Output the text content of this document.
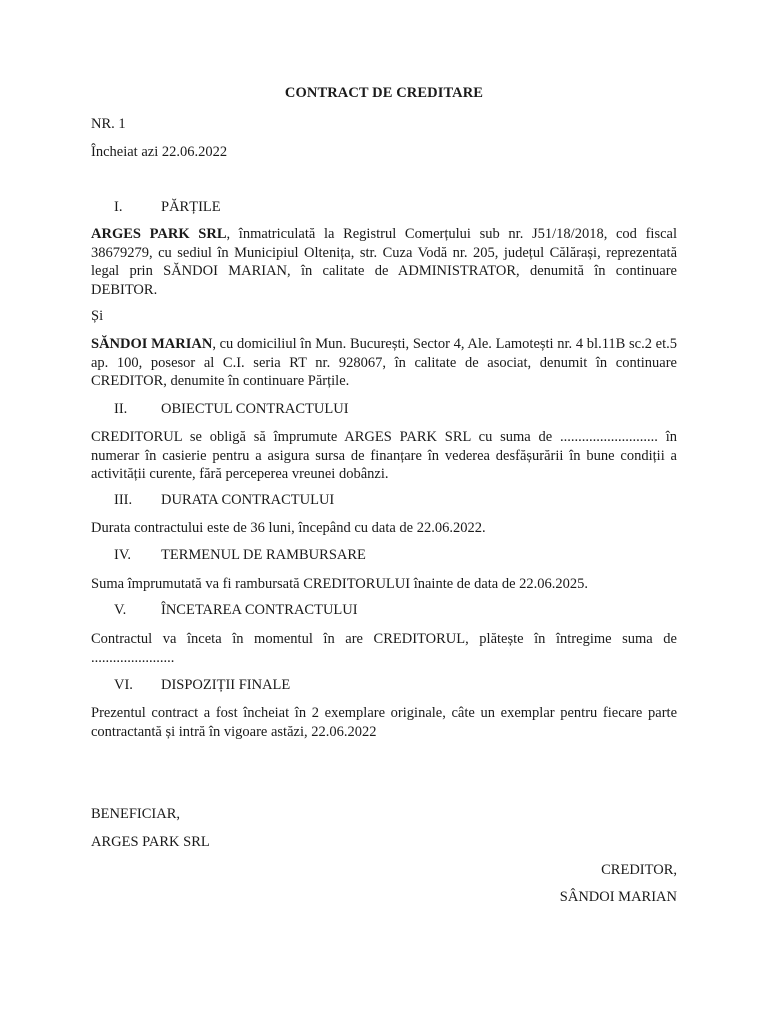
CONTRACT DE CREDITARE
NR. 1
Încheiat azi 22.06.2022
I.	PĂRȚILE
ARGES PARK SRL, înmatriculată la Registrul Comerțului sub nr. J51/18/2018, cod fiscal 38679279, cu sediul în Municipiul Oltenița, str. Cuza Vodă nr. 205, județul Călărași, reprezentată legal prin SĂNDOI MARIAN, în calitate de ADMINISTRATOR, denumită în continuare DEBITOR.
Și
SĂNDOI MARIAN, cu domiciliul în Mun. București, Sector 4, Ale. Lamotești nr. 4 bl.11B sc.2 et.5 ap. 100, posesor al C.I. seria RT nr. 928067, în calitate de asociat, denumit în continuare CREDITOR, denumite în continuare Părțile.
II. OBIECTUL CONTRACTULUI
CREDITORUL se obligă să împrumute ARGES PARK SRL cu suma de ........................... în numerar în casierie pentru a asigura sursa de finanțare în vederea desfășurării în bune condiții a activității curente, fără perceperea vreunei dobânzi.
III. DURATA CONTRACTULUI
Durata contractului este de 36 luni, începând cu data de 22.06.2022.
IV. TERMENUL DE RAMBURSARE
Suma împrumutată va fi rambursată CREDITORULUI înainte de data de 22.06.2025.
V. ÎNCETAREA CONTRACTULUI
Contractul va înceta în momentul în are CREDITORUL, plătește în întregime suma de .......................
VI. DISPOZIȚII FINALE
Prezentul contract a fost încheiat în 2 exemplare originale, câte un exemplar pentru fiecare parte contractantă și intră în vigoare astăzi, 22.06.2022
BENEFICIAR,
ARGES PARK SRL
CREDITOR,
SÂNDOI MARIAN
